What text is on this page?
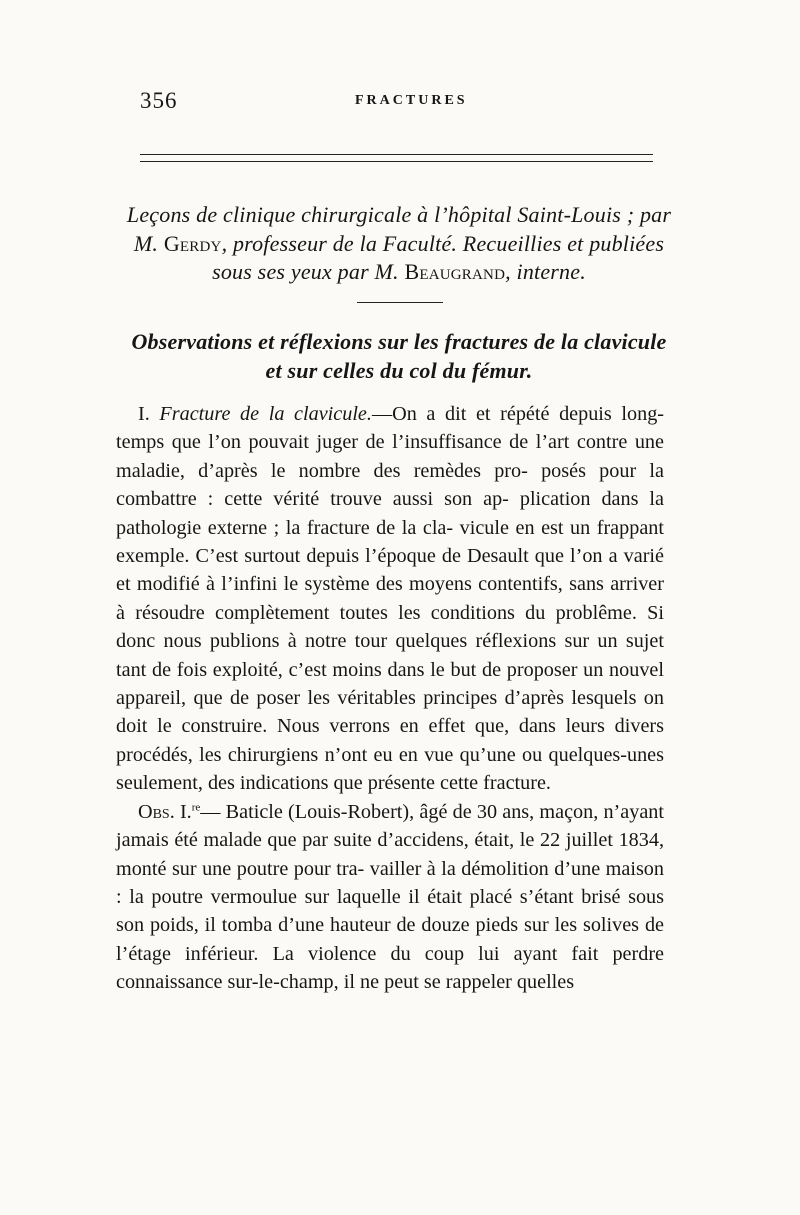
356	FRACTURES
Leçons de clinique chirurgicale à l’hôpital Saint-Louis ; par M. Gerdy, professeur de la Faculté. Recueillies et publiées sous ses yeux par M. Beaugrand, interne.
Observations et réflexions sur les fractures de la clavicule
et sur celles du col du fémur.

I. Fracture de la clavicule.—On a dit et répété depuis long-temps que l’on pouvait juger de l’insuffisance de l’art contre une maladie, d’après le nombre des remèdes pro- posés pour la combattre : cette vérité trouve aussi son ap- plication dans la pathologie externe ; la fracture de la cla- vicule en est un frappant exemple. C’est surtout depuis l’époque de Desault que l’on a varié et modifié à l’infini le système des moyens contentifs, sans arriver à résoudre complètement toutes les conditions du problême. Si donc nous publions à notre tour quelques réflexions sur un sujet tant de fois exploité, c’est moins dans le but de proposer un nouvel appareil, que de poser les véritables principes d’après lesquels on doit le construire. Nous verrons en effet que, dans leurs divers procédés, les chirurgiens n’ont eu en vue qu’une ou quelques-unes seulement, des indications que présente cette fracture.

Obs. I.$^{re}$— Baticle (Louis-Robert), âgé de 30 ans, maçon, n’ayant jamais été malade que par suite d’accidens, était, le 22 juillet 1834, monté sur une poutre pour tra- vailler à la démolition d’une maison : la poutre vermoulue sur laquelle il était placé s’étant brisé sous son poids, il tomba d’une hauteur de douze pieds sur les solives de l’étage inférieur. La violence du coup lui ayant fait perdre connaissance sur-le-champ, il ne peut se rappeler quelles
